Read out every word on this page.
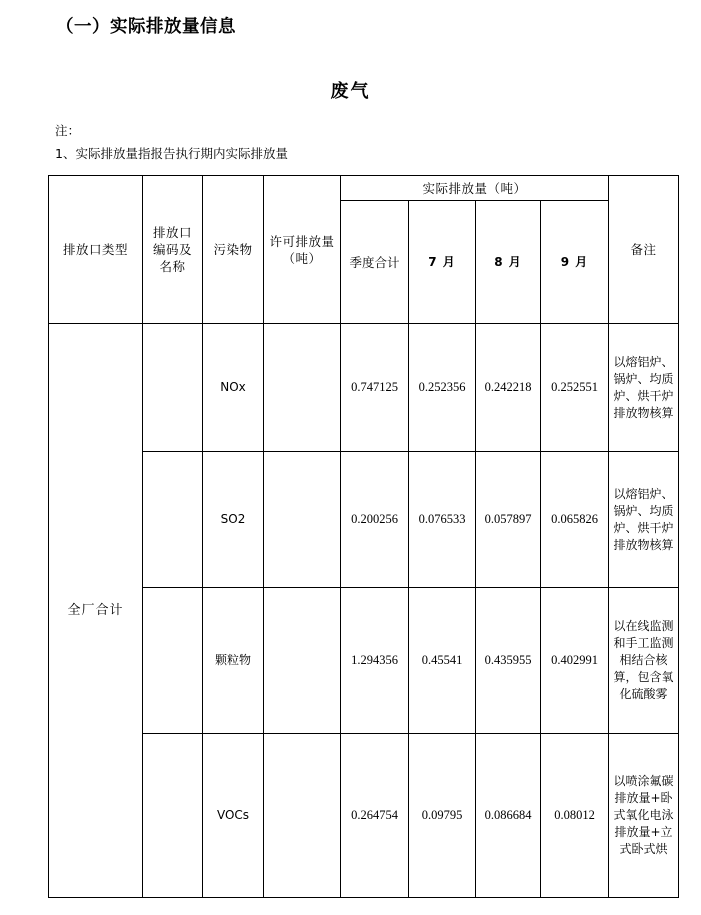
（一）实际排放量信息
废气
注：
1、实际排放量指报告执行期内实际排放量
排放口类型	排放口编码及名称	污染物	许可排放量（吨）	实际排放量（吨）				备注

				季度合计	7 月	8 月	9 月	

全厂合计		NOx		0.747125	0.252356	0.242218	0.252551	以熔铝炉、锅炉、均质炉、烘干炉排放物核算

		SO2		0.200256	0.076533	0.057897	0.065826	以熔铝炉、锅炉、均质炉、烘干炉排放物核算

		颗粒物		1.294356	0.45541	0.435955	0.402991	以在线监测和手工监测相结合核算，包含氧化硫酸雾

		VOCs		0.264754	0.09795	0.086684	0.08012	以喷涂氟碳排放量+卧式氧化电泳排放量+立式卧式烘
